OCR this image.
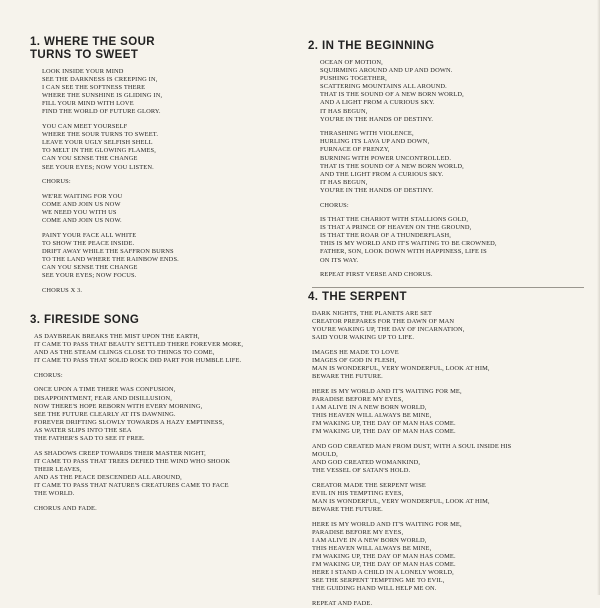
1. WHERE THE SOUR
TURNS TO SWEET
LOOK INSIDE YOUR MIND
SEE THE DARKNESS IS CREEPING IN,
I CAN SEE THE SOFTNESS THERE
WHERE THE SUNSHINE IS GLIDING IN,
FILL YOUR MIND WITH LOVE
FIND THE WORLD OF FUTURE GLORY.
YOU CAN MEET YOURSELF
WHERE THE SOUR TURNS TO SWEET.
LEAVE YOUR UGLY SELFISH SHELL
TO MELT IN THE GLOWING FLAMES,
CAN YOU SENSE THE CHANGE
SEE YOUR EYES; NOW YOU LISTEN.
CHORUS:
WE'RE WAITING FOR YOU
COME AND JOIN US NOW
WE NEED YOU WITH US
COME AND JOIN US NOW.
PAINT YOUR FACE ALL WHITE
TO SHOW THE PEACE INSIDE.
DRIFT AWAY WHILE THE SAFFRON BURNS
TO THE LAND WHERE THE RAINBOW ENDS.
CAN YOU SENSE THE CHANGE
SEE YOUR EYES; NOW FOCUS.
CHORUS X 3.
2. IN THE BEGINNING
OCEAN OF MOTION,
SQUIRMING AROUND AND UP AND DOWN.
PUSHING TOGETHER,
SCATTERING MOUNTAINS ALL AROUND.
THAT IS THE SOUND OF A NEW BORN WORLD,
AND A LIGHT FROM A CURIOUS SKY.
IT HAS BEGUN,
YOU'RE IN THE HANDS OF DESTINY.
THRASHING WITH VIOLENCE,
HURLING ITS LAVA UP AND DOWN,
FURNACE OF FRENZY,
BURNING WITH POWER UNCONTROLLED.
THAT IS THE SOUND OF A NEW BORN WORLD,
AND THE LIGHT FROM A CURIOUS SKY.
IT HAS BEGUN,
YOU'RE IN THE HANDS OF DESTINY.
CHORUS:
IS THAT THE CHARIOT WITH STALLIONS GOLD,
IS THAT A PRINCE OF HEAVEN ON THE GROUND,
IS THAT THE ROAR OF A THUNDERFLASH,
THIS IS MY WORLD AND IT'S WAITING TO BE CROWNED,
FATHER, SON, LOOK DOWN WITH HAPPINESS, LIFE IS
ON ITS WAY.
REPEAT FIRST VERSE AND CHORUS.
3. FIRESIDE SONG
AS DAYBREAK BREAKS THE MIST UPON THE EARTH,
IT CAME TO PASS THAT BEAUTY SETTLED THERE FOREVER MORE,
AND AS THE STEAM CLINGS CLOSE TO THINGS TO COME,
IT CAME TO PASS THAT SOLID ROCK DID PART FOR HUMBLE LIFE.
CHORUS:
ONCE UPON A TIME THERE WAS CONFUSION,
DISAPPOINTMENT, FEAR AND DISILLUSION,
NOW THERE'S HOPE REBORN WITH EVERY MORNING,
SEE THE FUTURE CLEARLY AT ITS DAWNING.
FOREVER DRIFTING SLOWLY TOWARDS A HAZY EMPTINESS,
AS WATER SLIPS INTO THE SEA
THE FATHER'S SAD TO SEE IT FREE.
AS SHADOWS CREEP TOWARDS THEIR MASTER NIGHT,
IT CAME TO PASS THAT TREES DEFIED THE WIND WHO SHOOK
THEIR LEAVES,
AND AS THE PEACE DESCENDED ALL AROUND,
IT CAME TO PASS THAT NATURE'S CREATURES CAME TO FACE
THE WORLD.
CHORUS AND FADE.
4. THE SERPENT
DARK NIGHTS, THE PLANETS ARE SET
CREATOR PREPARES FOR THE DAWN OF MAN
YOU'RE WAKING UP, THE DAY OF INCARNATION,
SAID YOUR WAKING UP TO LIFE.
IMAGES HE MADE TO LOVE
IMAGES OF GOD IN FLESH,
MAN IS WONDERFUL, VERY WONDERFUL, LOOK AT HIM,
BEWARE THE FUTURE.
HERE IS MY WORLD AND IT'S WAITING FOR ME,
PARADISE BEFORE MY EYES,
I AM ALIVE IN A NEW BORN WORLD,
THIS HEAVEN WILL ALWAYS BE MINE,
I'M WAKING UP, THE DAY OF MAN HAS COME.
I'M WAKING UP, THE DAY OF MAN HAS COME.
AND GOD CREATED MAN FROM DUST, WITH A SOUL INSIDE HIS
MOULD,
AND GOD CREATED WOMANKIND,
THE VESSEL OF SATAN'S HOLD.
CREATOR MADE THE SERPENT WISE
EVIL IN HIS TEMPTING EYES,
MAN IS WONDERFUL, VERY WONDERFUL, LOOK AT HIM,
BEWARE THE FUTURE.
HERE IS MY WORLD AND IT'S WAITING FOR ME,
PARADISE BEFORE MY EYES,
I AM ALIVE IN A NEW BORN WORLD,
THIS HEAVEN WILL ALWAYS BE MINE,
I'M WAKING UP, THE DAY OF MAN HAS COME.
I'M WAKING UP, THE DAY OF MAN HAS COME.
HERE I STAND A CHILD IN A LONELY WORLD,
SEE THE SERPENT TEMPTING ME TO EVIL,
THE GUIDING HAND WILL HELP ME ON.
REPEAT AND FADE.
